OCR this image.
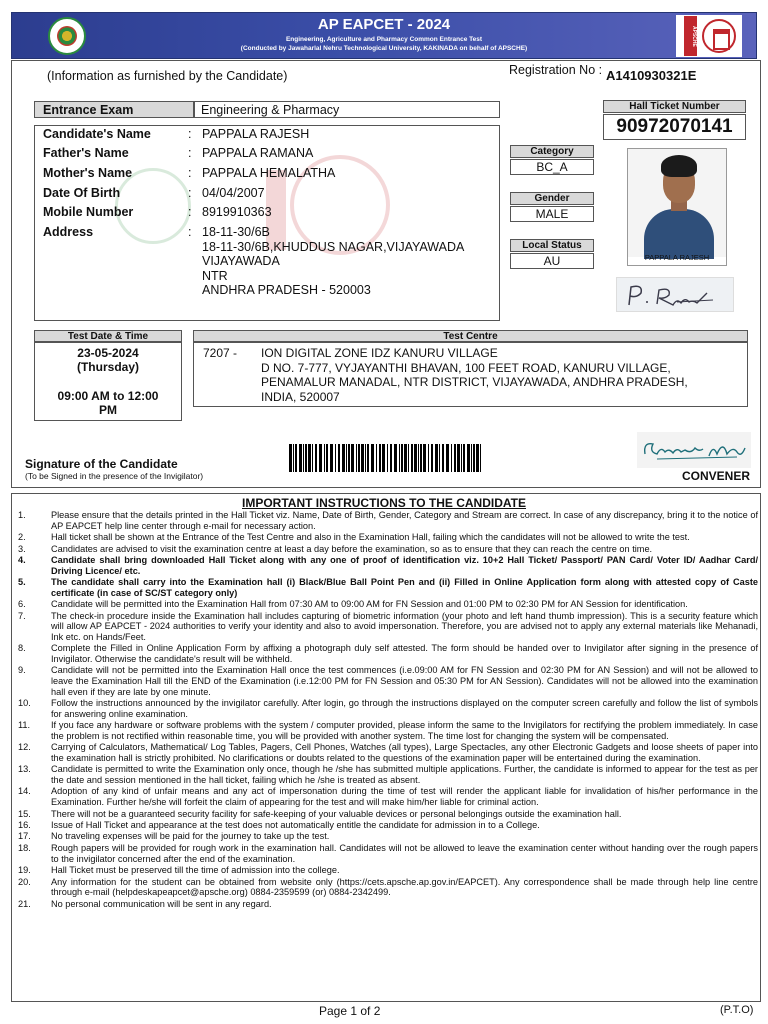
AP EAPCET - 2024
Engineering, Agriculture and Pharmacy Common Entrance Test
(Conducted by Jawaharlal Nehru Technological University, KAKINADA on behalf of APSCHE)
APSCHE
(Information as furnished by the Candidate)	Registration No : A1410930321E
Entrance Exam	Engineering & Pharmacy
Candidate's Name	: PAPPALA RAJESH
Father's Name	: PAPPALA RAMANA
Mother's Name	: PAPPALA HEMALATHA
Date Of Birth	: 04/04/2007
Mobile Number	: 8919910363
Address	: 18-11-30/6B
18-11-30/6B,KHUDDUS NAGAR,VIJAYAWADA
VIJAYAWADA
NTR
ANDHRA PRADESH - 520003
Hall Ticket Number
90972070141
Category
BC_A
Gender
MALE
Local Status
AU	PAPPALA RAJESH
Test Date & Time
23-05-2024
(Thursday)
09:00 AM to 12:00
PM
Test Centre
7207 - ION DIGITAL ZONE IDZ KANURU VILLAGE
D NO. 7-777, VYJAYANTHI BHAVAN, 100 FEET ROAD, KANURU VILLAGE,
PENAMALUR MANADAL, NTR DISTRICT, VIJAYAWADA, ANDHRA PRADESH,
INDIA, 520007
Signature of the Candidate
(To be Signed in the presence of the Invigilator)	CONVENER
IMPORTANT INSTRUCTIONS TO THE CANDIDATE
1.	Please ensure that the details printed in the Hall Ticket viz. Name, Date of Birth, Gender, Category and Stream are correct. In case of any discrepancy, bring it to the notice of AP EAPCET help line center through e-mail for necessary action.
2.	Hall ticket shall be shown at the Entrance of the Test Centre and also in the Examination Hall, failing which the candidates will not be allowed to write the test.
3.	Candidates are advised to visit the examination centre at least a day before the examination, so as to ensure that they can reach the centre on time.
4.	Candidate shall bring downloaded Hall Ticket along with any one of proof of identification viz. 10+2 Hall Ticket/ Passport/ PAN Card/ Voter ID/ Aadhar Card/ Driving Licence/ etc.
5.	The candidate shall carry into the Examination hall (i) Black/Blue Ball Point Pen and (ii) Filled in Online Application form along with attested copy of Caste certificate (in case of SC/ST category only)
6.	Candidate will be permitted into the Examination Hall from 07:30 AM to 09:00 AM for FN Session and 01:00 PM to 02:30 PM for AN Session for identification.
7.	The check-in procedure inside the Examination hall includes capturing of biometric information (your photo and left hand thumb impression). This is a security feature which will allow AP EAPCET - 2024 authorities to verify your identity and also to avoid impersonation. Therefore, you are advised not to apply any external materials like Mehanadi, Ink etc. on Hands/Feet.
8.	Complete the Filled in Online Application Form by affixing a photograph duly self attested. The form should be handed over to Invigilator after signing in the presence of Invigilator. Otherwise the candidate's result will be withheld.
9.	Candidate will not be permitted into the Examination Hall once the test commences (i.e.09:00 AM for FN Session and 02:30 PM for AN Session) and will not be allowed to leave the Examination Hall till the END of the Examination (i.e.12:00 PM for FN Session and 05:30 PM for AN Session). Candidates will not be allowed into the examination hall even if they are late by one minute.
10.	Follow the instructions announced by the invigilator carefully. After login, go through the instructions displayed on the computer screen carefully and follow the list of symbols for answering online examination.
11.	If you face any hardware or software problems with the system / computer provided, please inform the same to the Invigilators for rectifying the problem immediately. In case the problem is not rectified within reasonable time, you will be provided with another system. The time lost for changing the system will be compensated.
12.	Carrying of Calculators, Mathematical/ Log Tables, Pagers, Cell Phones, Watches (all types), Large Spectacles, any other Electronic Gadgets and loose sheets of paper into the examination hall is strictly prohibited. No clarifications or doubts related to the questions of the examination paper will be entertained during the examination.
13.	Candidate is permitted to write the Examination only once, though he /she has submitted multiple applications. Further, the candidate is informed to appear for the test as per the date and session mentioned in the hall ticket, failing which he /she is treated as absent.
14.	Adoption of any kind of unfair means and any act of impersonation during the time of test will render the applicant liable for invalidation of his/her performance in the Examination. Further he/she will forfeit the claim of appearing for the test and will make him/her liable for criminal action.
15.	There will not be a guaranteed security facility for safe-keeping of your valuable devices or personal belongings outside the examination hall.
16.	Issue of Hall Ticket and appearance at the test does not automatically entitle the candidate for admission in to a College.
17.	No traveling expenses will be paid for the journey to take up the test.
18.	Rough papers will be provided for rough work in the examination hall. Candidates will not be allowed to leave the examination center without handing over the rough papers to the invigilator concerned after the end of the examination.
19.	Hall Ticket must be preserved till the time of admission into the college.
20.	Any information for the student can be obtained from website only (https://cets.apsche.ap.gov.in/EAPCET). Any correspondence shall be made through help line centre through e-mail (helpdeskapeapcet@apsche.org) 0884-2359599 (or) 0884-2342499.
21.	No personal communication will be sent in any regard.
Page 1 of 2	(P.T.O)
